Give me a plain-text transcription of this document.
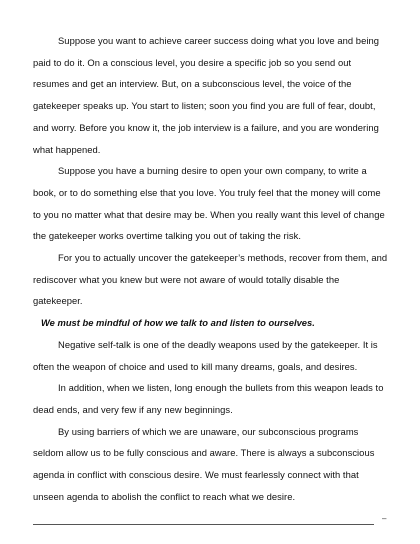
Suppose you want to achieve career success doing what you love and being paid to do it. On a conscious level, you desire a specific job so you send out resumes and get an interview. But, on a subconscious level, the voice of the gatekeeper speaks up. You start to listen; soon you find you are full of fear, doubt, and worry. Before you know it, the job interview is a failure, and you are wondering what happened.

Suppose you have a burning desire to open your own company, to write a book, or to do something else that you love. You truly feel that the money will come to you no matter what that desire may be. When you really want this level of change the gatekeeper works overtime talking you out of taking the risk.

For you to actually uncover the gatekeeper’s methods, recover from them, and rediscover what you knew but were not aware of would totally disable the gatekeeper.

We must be mindful of how we talk to and listen to ourselves.

Negative self-talk is one of the deadly weapons used by the gatekeeper. It is often the weapon of choice and used to kill many dreams, goals, and desires.

In addition, when we listen, long enough the bullets from this weapon leads to dead ends, and very few if any new beginnings.

By using barriers of which we are unaware, our subconscious programs seldom allow us to be fully conscious and aware. There is always a subconscious agenda in conflict with conscious desire. We must fearlessly connect with that unseen agenda to abolish the conflict to reach what we desire.

–
